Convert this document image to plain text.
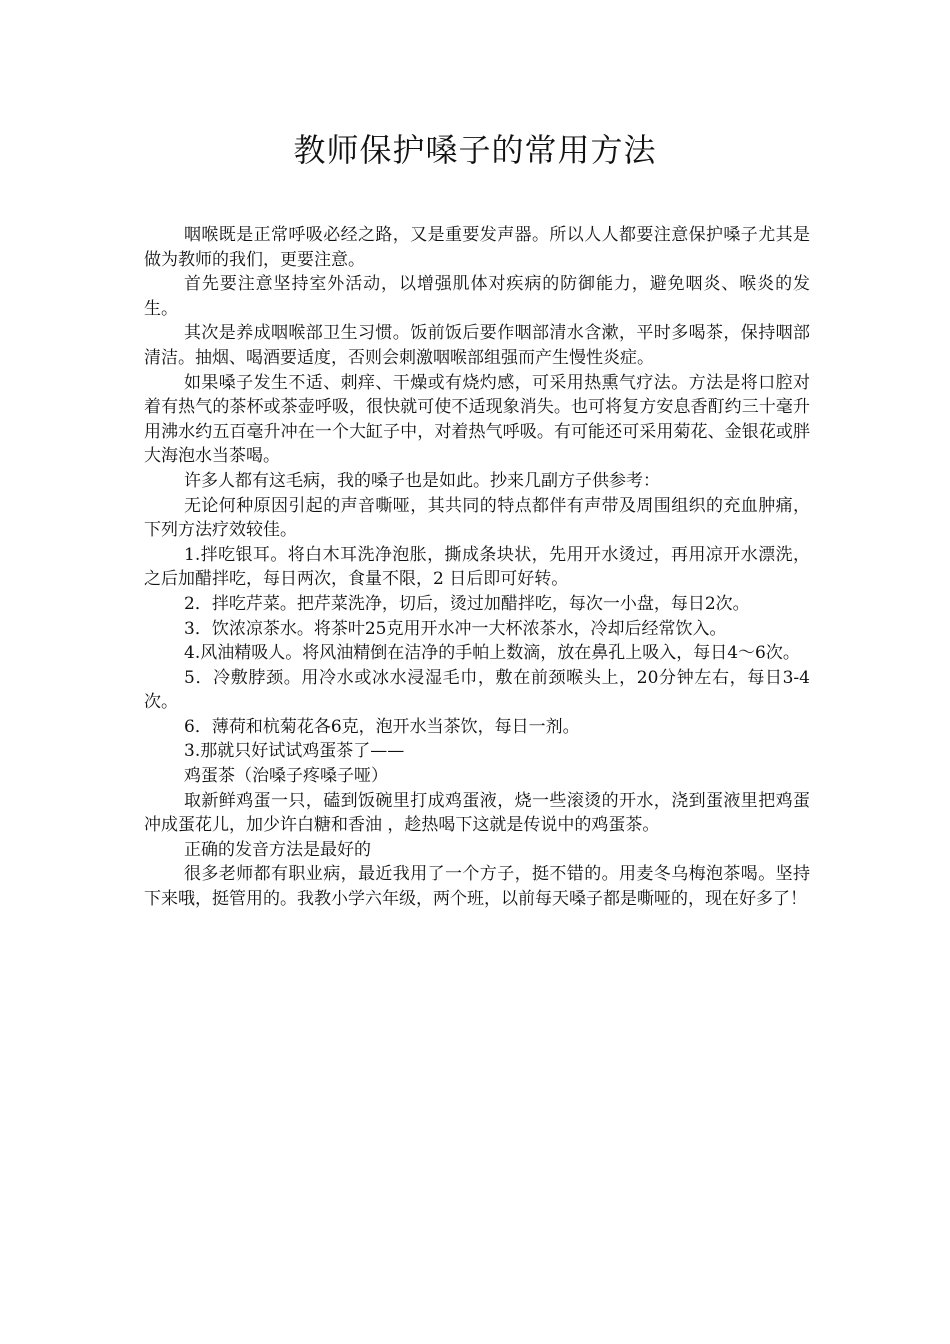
教师保护嗓子的常用方法

咽喉既是正常呼吸必经之路，又是重要发声器。所以人人都要注意保护嗓子尤其是做为教师的我们，更要注意。

首先要注意坚持室外活动，以增强肌体对疾病的防御能力，避免咽炎、喉炎的发生。

其次是养成咽喉部卫生习惯。饭前饭后要作咽部清水含漱，平时多喝茶，保持咽部清洁。抽烟、喝酒要适度，否则会刺激咽喉部组强而产生慢性炎症。

如果嗓子发生不适、刺痒、干燥或有烧灼感，可采用热熏气疗法。方法是将口腔对着有热气的茶杯或茶壶呼吸，很快就可使不适现象消失。也可将复方安息香酊约三十毫升用沸水约五百毫升冲在一个大缸子中，对着热气呼吸。有可能还可采用菊花、金银花或胖大海泡水当茶喝。

许多人都有这毛病，我的嗓子也是如此。抄来几副方子供参考：

无论何种原因引起的声音嘶哑，其共同的特点都伴有声带及周围组织的充血肿痛，下列方法疗效较佳。

1.拌吃银耳。将白木耳洗净泡胀，撕成条块状，先用开水烫过，再用凉开水漂洗，之后加醋拌吃，每日两次，食量不限，2 日后即可好转。

2．拌吃芹菜。把芹菜洗净，切后，烫过加醋拌吃，每次一小盘，每日2次。

3．饮浓凉茶水。将茶叶25克用开水冲一大杯浓茶水，冷却后经常饮入。

4.风油精吸人。将风油精倒在洁净的手帕上数滴，放在鼻孔上吸入，每日4～6次。

5．冷敷脖颈。用冷水或冰水浸湿毛巾，敷在前颈喉头上，20分钟左右，每日3-4次。

6．薄荷和杭菊花各6克，泡开水当茶饮，每日一剂。

3.那就只好试试鸡蛋茶了——

鸡蛋茶（治嗓子疼嗓子哑）

取新鲜鸡蛋一只，磕到饭碗里打成鸡蛋液，烧一些滚烫的开水，浇到蛋液里把鸡蛋冲成蛋花儿，加少许白糖和香油 ，趁热喝下这就是传说中的鸡蛋茶。

正确的发音方法是最好的

很多老师都有职业病，最近我用了一个方子，挺不错的。用麦冬乌梅泡茶喝。坚持下来哦，挺管用的。我教小学六年级，两个班，以前每天嗓子都是嘶哑的，现在好多了！
